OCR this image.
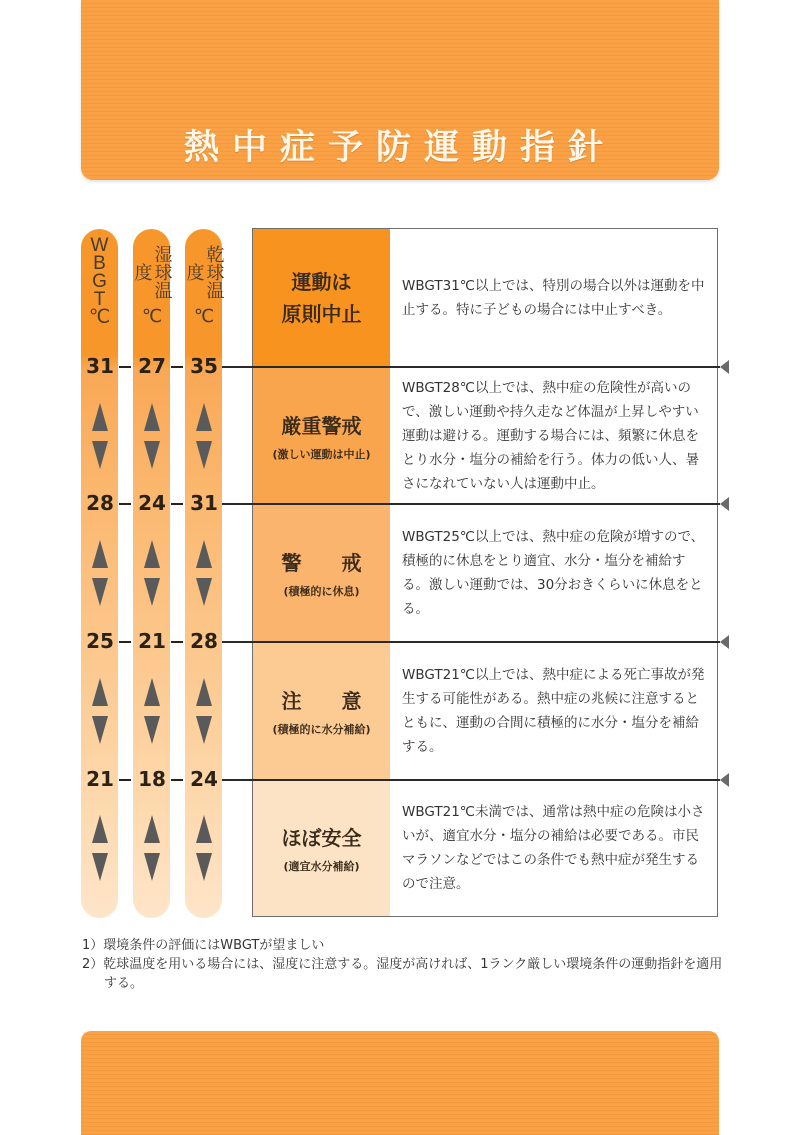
熱中症予防運動指針
W
B
G
T
℃
湿球温度
℃
乾球温度
℃
運動は
原則中止

WBGT31℃以上では、特別の場合以外は運動を中止する。特に子どもの場合には中止すべき。

厳重警戒
(激しい運動は中止)

WBGT28℃以上では、熱中症の危険性が高いので、激しい運動や持久走など体温が上昇しやすい運動は避ける。運動する場合には、頻繁に休息をとり水分・塩分の補給を行う。体力の低い人、暑さになれていない人は運動中止。

警　　戒
(積極的に休息)

WBGT25℃以上では、熱中症の危険が増すので、積極的に休息をとり適宜、水分・塩分を補給する。激しい運動では、30分おきくらいに休息をとる。

注　　意
(積極的に水分補給)

WBGT21℃以上では、熱中症による死亡事故が発生する可能性がある。熱中症の兆候に注意するとともに、運動の合間に積極的に水分・塩分を補給する。

ほぼ安全
(適宜水分補給)

WBGT21℃未満では、通常は熱中症の危険は小さいが、適宜水分・塩分の補給は必要である。市民マラソンなどではこの条件でも熱中症が発生するので注意。

31	27	35
28	24	31
25	21	28
21	18	24
1）環境条件の評価にはWBGTが望ましい
2）乾球温度を用いる場合には、湿度に注意する。湿度が高ければ、1ランク厳しい環境条件の運動指針を適用する。
